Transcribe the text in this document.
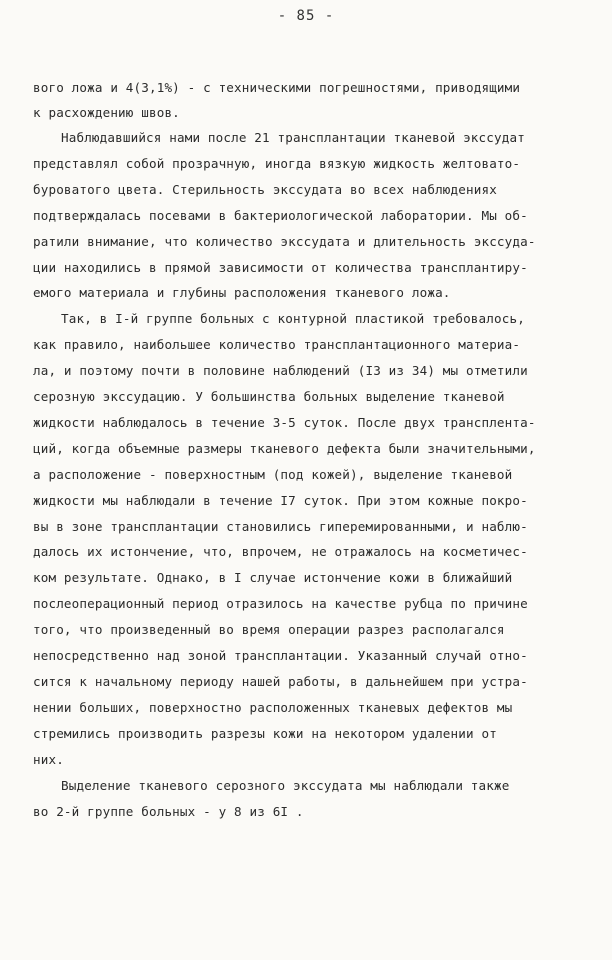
- 85 -
вого ложа и 4(3,1%) - с техническими погрешностями, приводящими
к расхождению швов.
Наблюдавшийся нами после 21 трансплантации тканевой экссудат
представлял собой прозрачную, иногда вязкую жидкость желтовато-
буроватого цвета. Стерильность экссудата во всех наблюдениях
подтверждалась посевами в бактериологической лаборатории. Мы об-
ратили внимание, что количество экссудата и длительность экссуда-
ции находились в прямой зависимости от количества трансплантиру-
емого материала и глубины расположения тканевого ложа.
Так, в I-й группе больных с контурной пластикой требовалось,
как правило, наибольшее количество трансплантационного материа-
ла, и поэтому почти в половине наблюдений (I3 из 34) мы отметили
серозную экссудацию. У большинства больных выделение тканевой
жидкости наблюдалось в течение 3-5 суток. После двух трансплента-
ций, когда объемные размеры тканевого дефекта были значительными,
а расположение - поверхностным (под кожей), выделение тканевой
жидкости мы наблюдали в течение I7 суток. При этом кожные покро-
вы в зоне трансплантации становились гиперемированными, и наблю-
далось их истончение, что, впрочем, не отражалось на косметичес-
ком результате. Однако, в I случае истончение кожи в ближайший
послеоперационный период отразилось на качестве рубца по причине
того, что произведенный во время операции разрез располагался
непосредственно над зоной трансплантации. Указанный случай отно-
сится к начальному периоду нашей работы, в дальнейшем при устра-
нении больших, поверхностно расположенных тканевых дефектов мы
стремились производить разрезы кожи на некотором удалении от
них.
Выделение тканевого серозного экссудата мы наблюдали также
во 2-й группе больных - у 8 из 6I .
